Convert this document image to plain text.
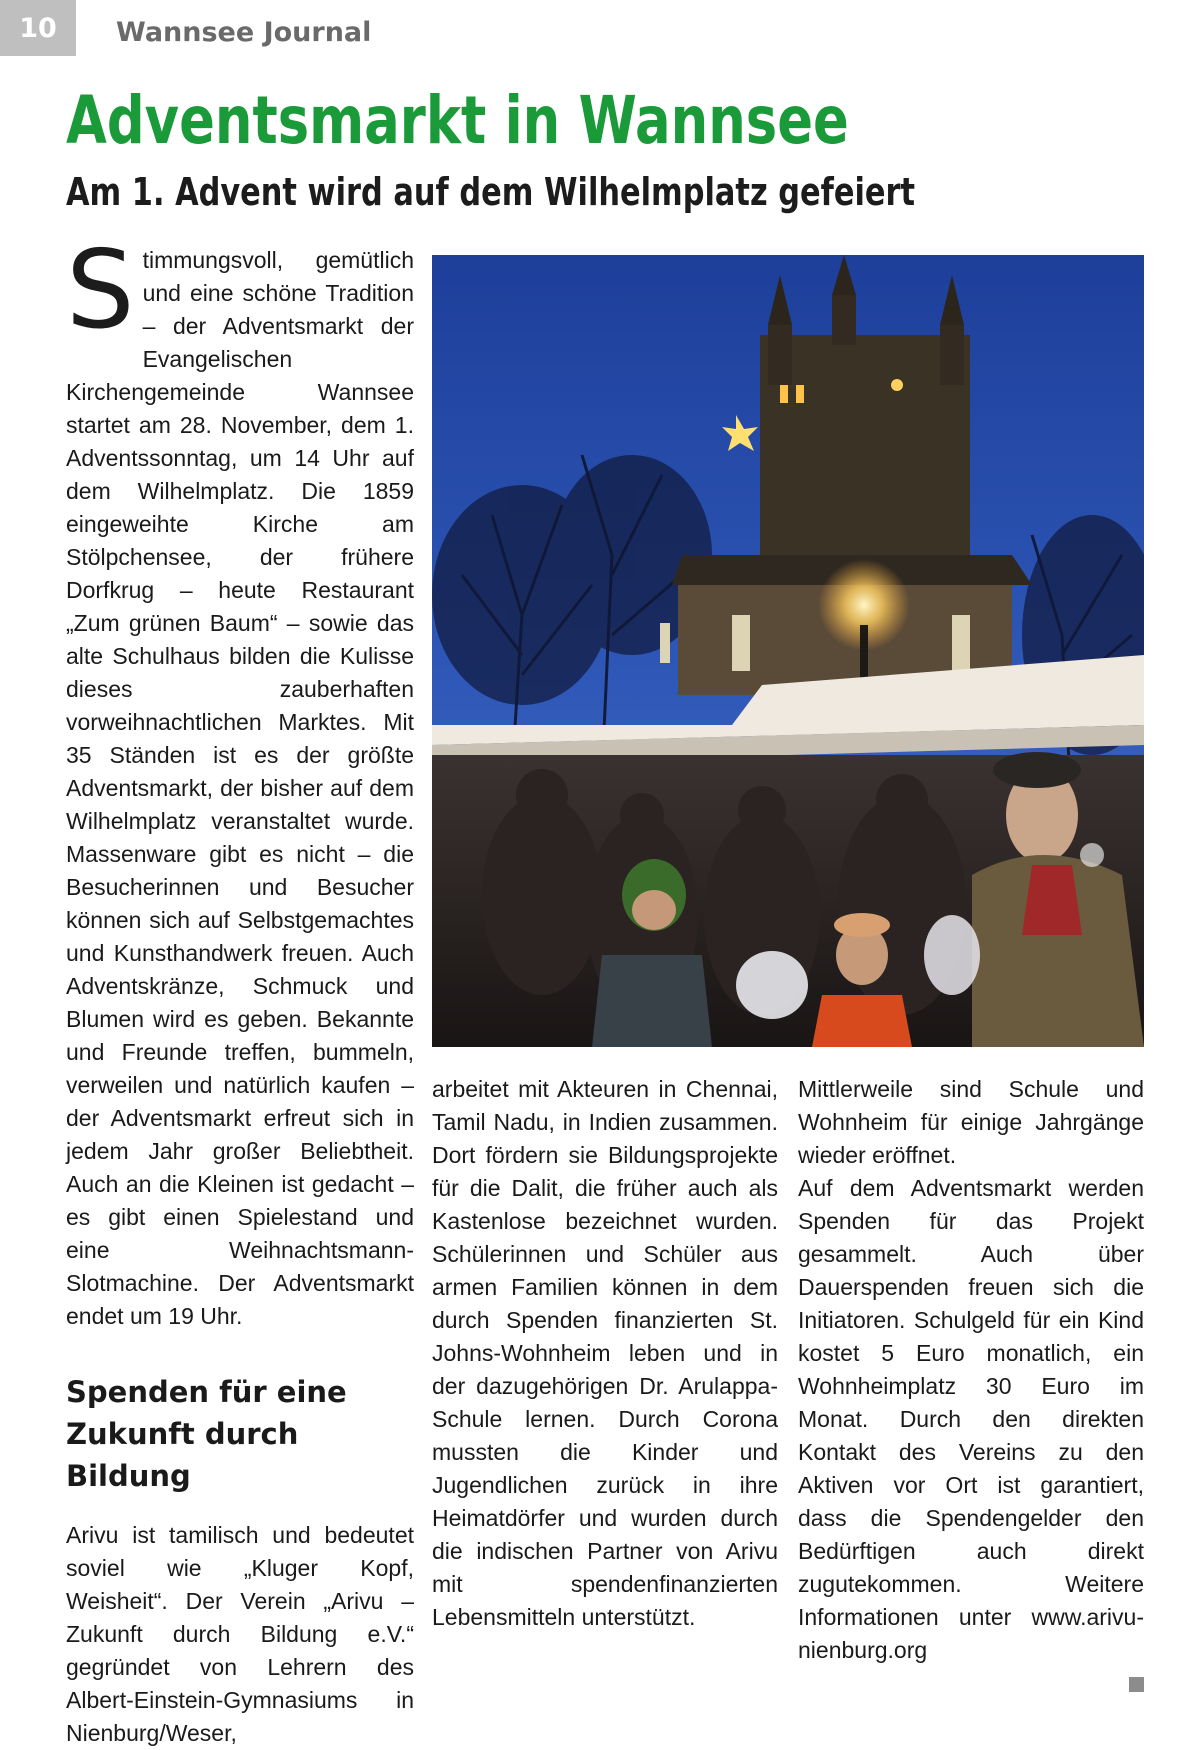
10	Wannsee Journal
Adventsmarkt in Wannsee
Am 1. Advent wird auf dem Wilhelmplatz gefeiert
S timmungsvoll, gemütlich und eine schöne Tradition – der Adventsmarkt der Evangelischen Kirchengemeinde Wannsee startet am 28. November, dem 1. Adventssonntag, um 14 Uhr auf dem Wilhelmplatz. Die 1859 eingeweihte Kirche am Stölpchensee, der frühere Dorfkrug – heute Restaurant „Zum grünen Baum“ – sowie das alte Schulhaus bilden die Kulisse dieses zauberhaften vorweihnachtlichen Marktes. Mit 35 Ständen ist es der größte Adventsmarkt, der bisher auf dem Wilhelmplatz veranstaltet wurde. Massenware gibt es nicht – die Besucherinnen und Besucher können sich auf Selbstgemachtes und Kunsthandwerk freuen. Auch Adventskränze, Schmuck und Blumen wird es geben. Bekannte und Freunde treffen, bummeln, verweilen und natürlich kaufen – der Adventsmarkt erfreut sich in jedem Jahr großer Beliebtheit. Auch an die Kleinen ist gedacht – es gibt einen Spielestand und eine Weihnachtsmann-Slotmachine. Der Adventsmarkt endet um 19 Uhr.

Spenden für eine Zukunft durch Bildung

Arivu ist tamilisch und bedeutet soviel wie „Kluger Kopf, Weisheit“. Der Verein „Arivu – Zukunft durch Bildung e.V.“ gegründet von Lehrern des Albert-Einstein-Gymnasiums in Nienburg/Weser,

arbeitet mit Akteuren in Chennai, Tamil Nadu, in Indien zusammen. Dort fördern sie Bildungsprojekte für die Dalit, die früher auch als Kastenlose bezeichnet wurden. Schülerinnen und Schüler aus armen Familien können in dem durch Spenden finanzierten St. Johns-Wohnheim leben und in der dazugehörigen Dr. Arulappa-Schule lernen. Durch Corona mussten die Kinder und Jugendlichen zurück in ihre Heimatdörfer und wurden durch die indischen Partner von Arivu mit spendenfinanzierten Lebensmitteln unterstützt.

Mittlerweile sind Schule und Wohnheim für einige Jahrgänge wieder eröffnet.

Auf dem Adventsmarkt werden Spenden für das Projekt gesammelt. Auch über Dauerspenden freuen sich die Initiatoren. Schulgeld für ein Kind kostet 5 Euro monatlich, ein Wohnheimplatz 30 Euro im Monat. Durch den direkten Kontakt des Vereins zu den Aktiven vor Ort ist garantiert, dass die Spendengelder den Bedürftigen auch direkt zugutekommen. Weitere Informationen unter www.arivu-nienburg.org
